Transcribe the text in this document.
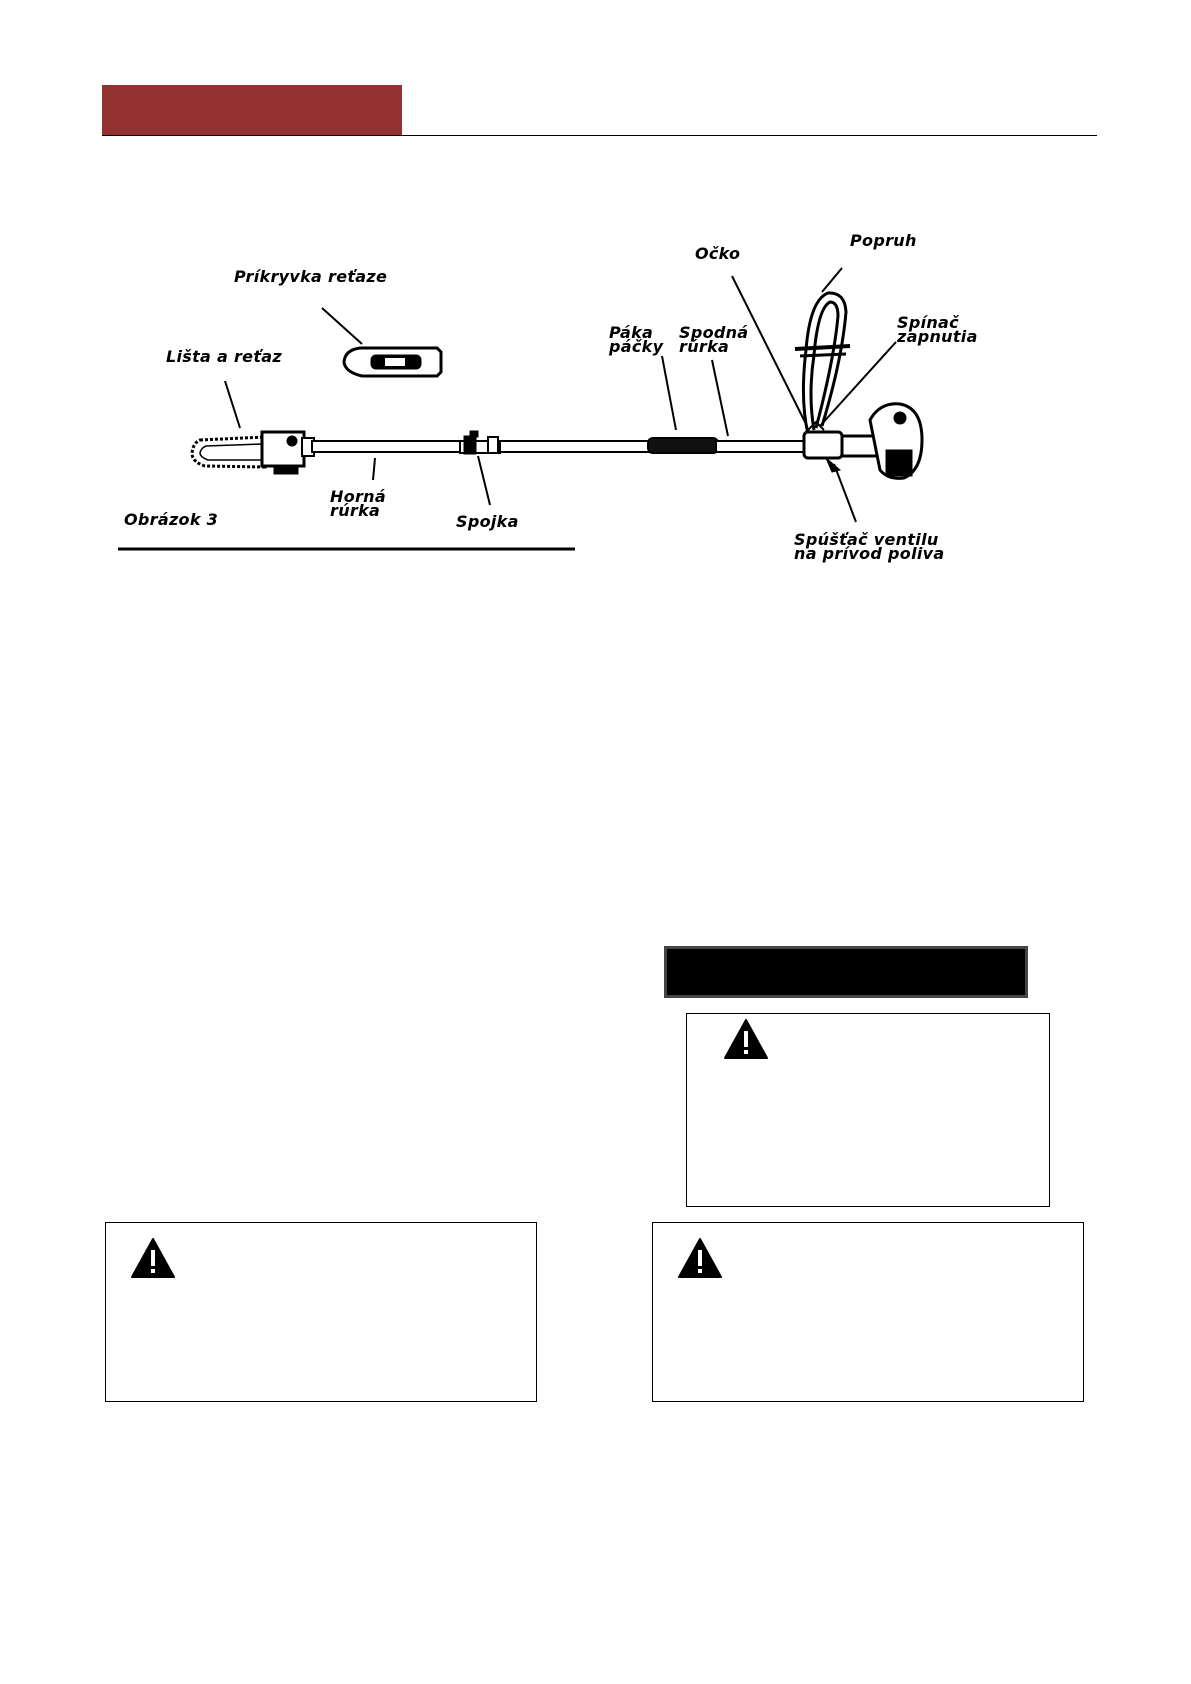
Príkryvka reťaze
Lišta a reťaz
Horná
rúrka
Spojka
Obrázok 3
Páka
páčky
Spodná
rúrka
Očko
Popruh
Spínač
zapnutia
Spúšťač ventilu
na prívod poliva
